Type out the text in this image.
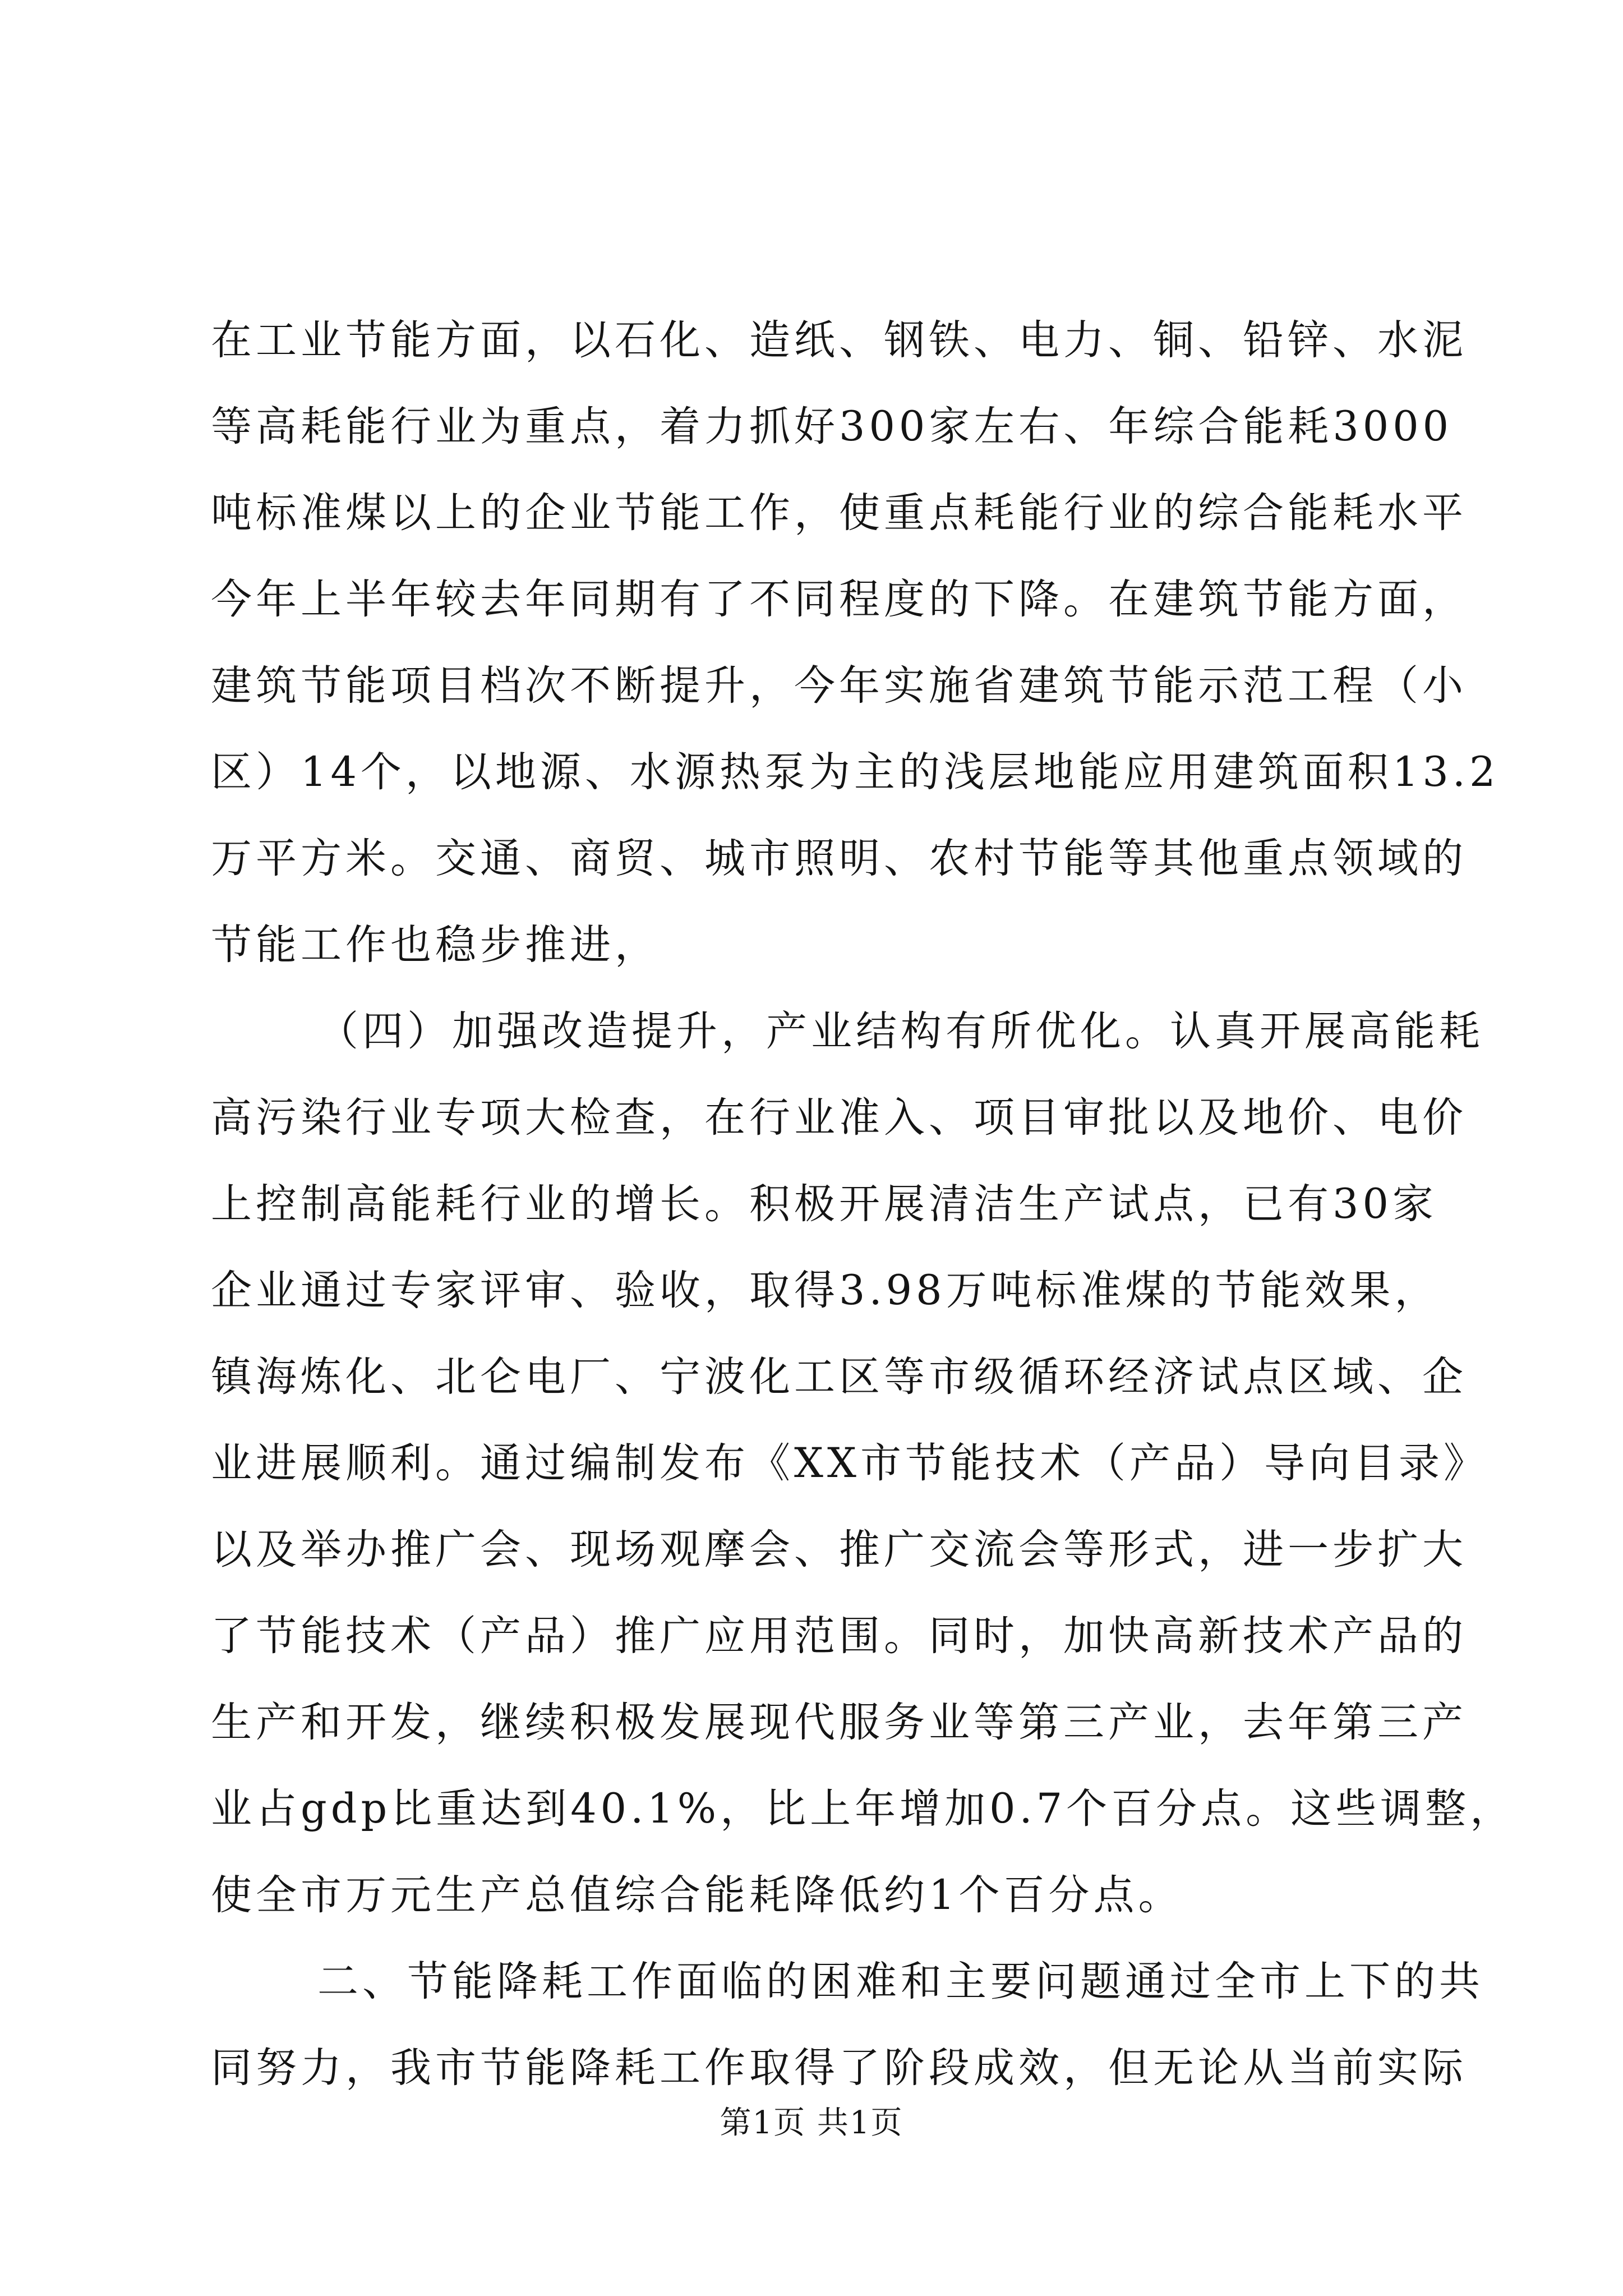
在工业节能方面，以石化、造纸、钢铁、电力、铜、铅锌、水泥
等高耗能行业为重点，着力抓好300家左右、年综合能耗3000
吨标准煤以上的企业节能工作，使重点耗能行业的综合能耗水平
今年上半年较去年同期有了不同程度的下降。在建筑节能方面，
建筑节能项目档次不断提升，今年实施省建筑节能示范工程（小
区）14个，以地源、水源热泵为主的浅层地能应用建筑面积13.2
万平方米。交通、商贸、城市照明、农村节能等其他重点领域的
节能工作也稳步推进，
（四）加强改造提升，产业结构有所优化。认真开展高能耗
高污染行业专项大检查，在行业准入、项目审批以及地价、电价
上控制高能耗行业的增长。积极开展清洁生产试点，已有30家
企业通过专家评审、验收，取得3.98万吨标准煤的节能效果，
镇海炼化、北仑电厂、宁波化工区等市级循环经济试点区域、企
业进展顺利。通过编制发布《XX市节能技术（产品）导向目录》
以及举办推广会、现场观摩会、推广交流会等形式，进一步扩大
了节能技术（产品）推广应用范围。同时，加快高新技术产品的
生产和开发，继续积极发展现代服务业等第三产业，去年第三产
业占gdp比重达到40.1%，比上年增加0.7个百分点。这些调整，
使全市万元生产总值综合能耗降低约1个百分点。
二、节能降耗工作面临的困难和主要问题通过全市上下的共
同努力，我市节能降耗工作取得了阶段成效，但无论从当前实际
第1页 共1页
